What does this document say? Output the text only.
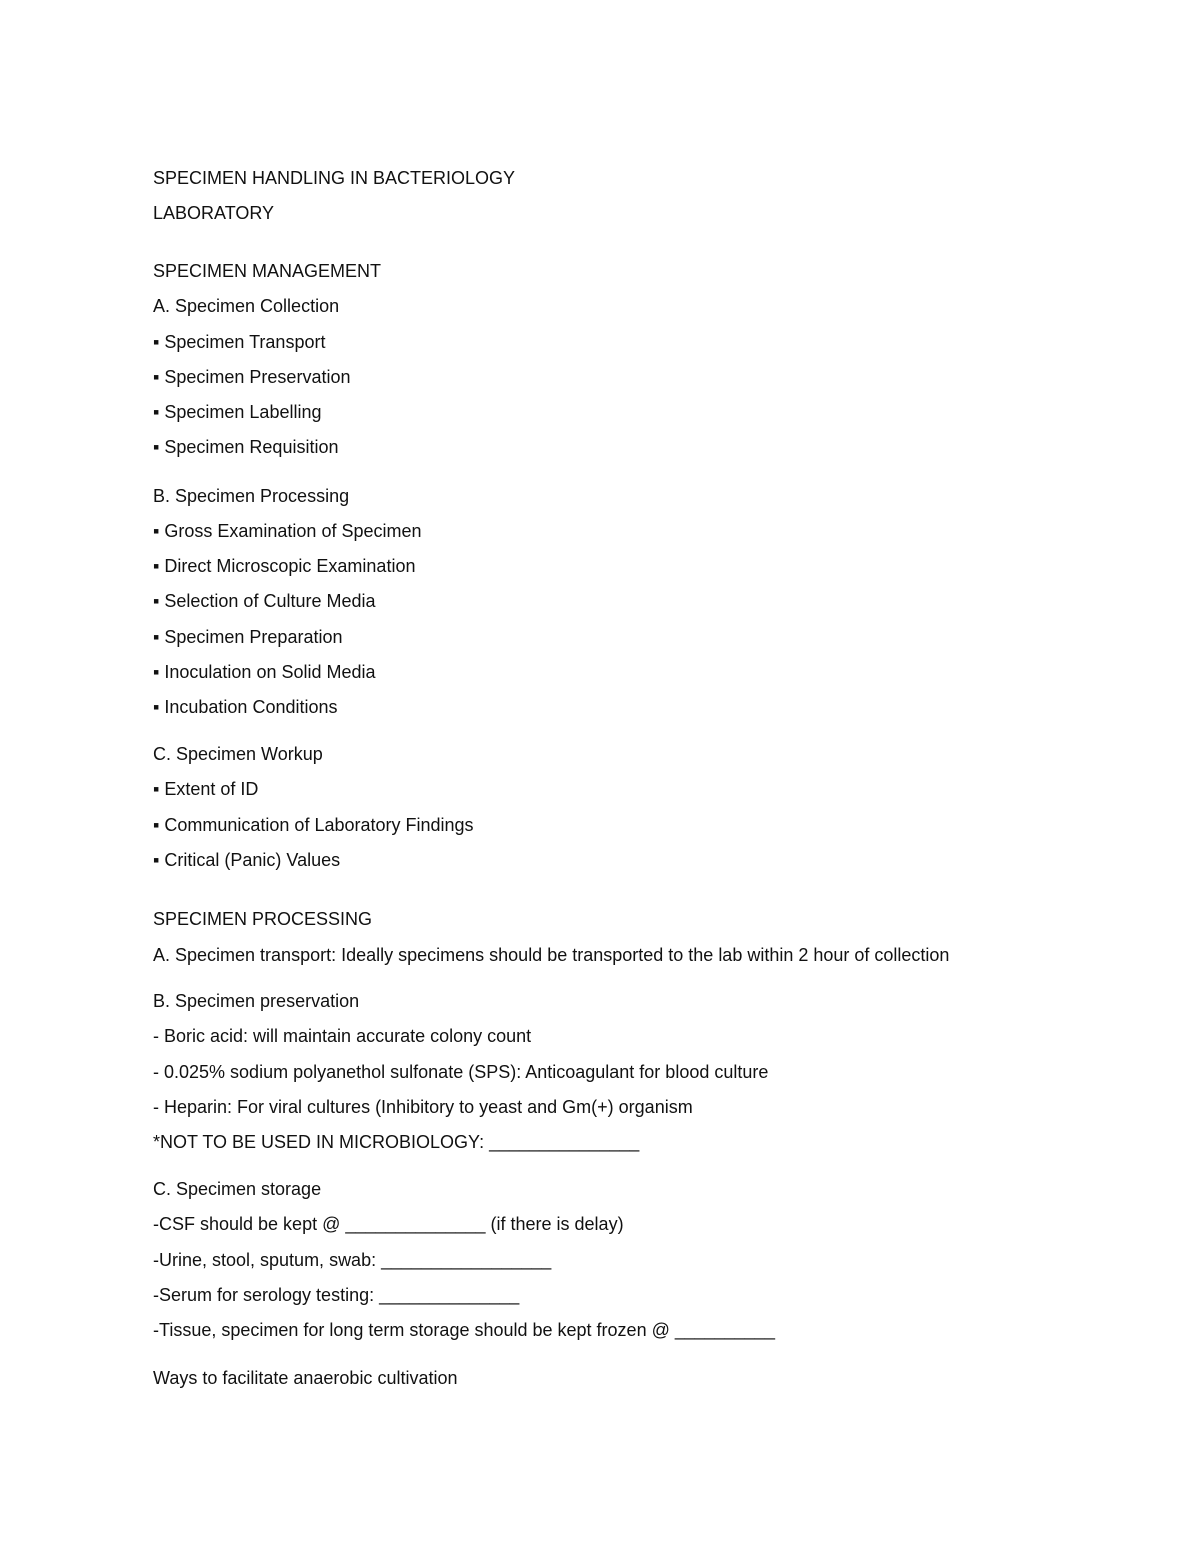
SPECIMEN HANDLING IN BACTERIOLOGY

LABORATORY

SPECIMEN MANAGEMENT

A. Specimen Collection

▪ Specimen Transport

▪ Specimen Preservation

▪ Specimen Labelling

▪ Specimen Requisition

B. Specimen Processing

▪ Gross Examination of Specimen

▪ Direct Microscopic Examination

▪ Selection of Culture Media

▪ Specimen Preparation

▪ Inoculation on Solid Media

▪ Incubation Conditions

C. Specimen Workup

▪ Extent of ID

▪ Communication of Laboratory Findings

▪ Critical (Panic) Values

SPECIMEN PROCESSING

A. Specimen transport: Ideally specimens should be transported to the lab within 2 hour of collection

B. Specimen preservation

- Boric acid: will maintain accurate colony count

- 0.025% sodium polyanethol sulfonate (SPS): Anticoagulant for blood culture

- Heparin: For viral cultures (Inhibitory to yeast and Gm(+) organism

*NOT TO BE USED IN MICROBIOLOGY: _______________

C. Specimen storage

-CSF should be kept @ ______________ (if there is delay)

-Urine, stool, sputum, swab: _________________

-Serum for serology testing: ______________

-Tissue, specimen for long term storage should be kept frozen @ __________

Ways to facilitate anaerobic cultivation
